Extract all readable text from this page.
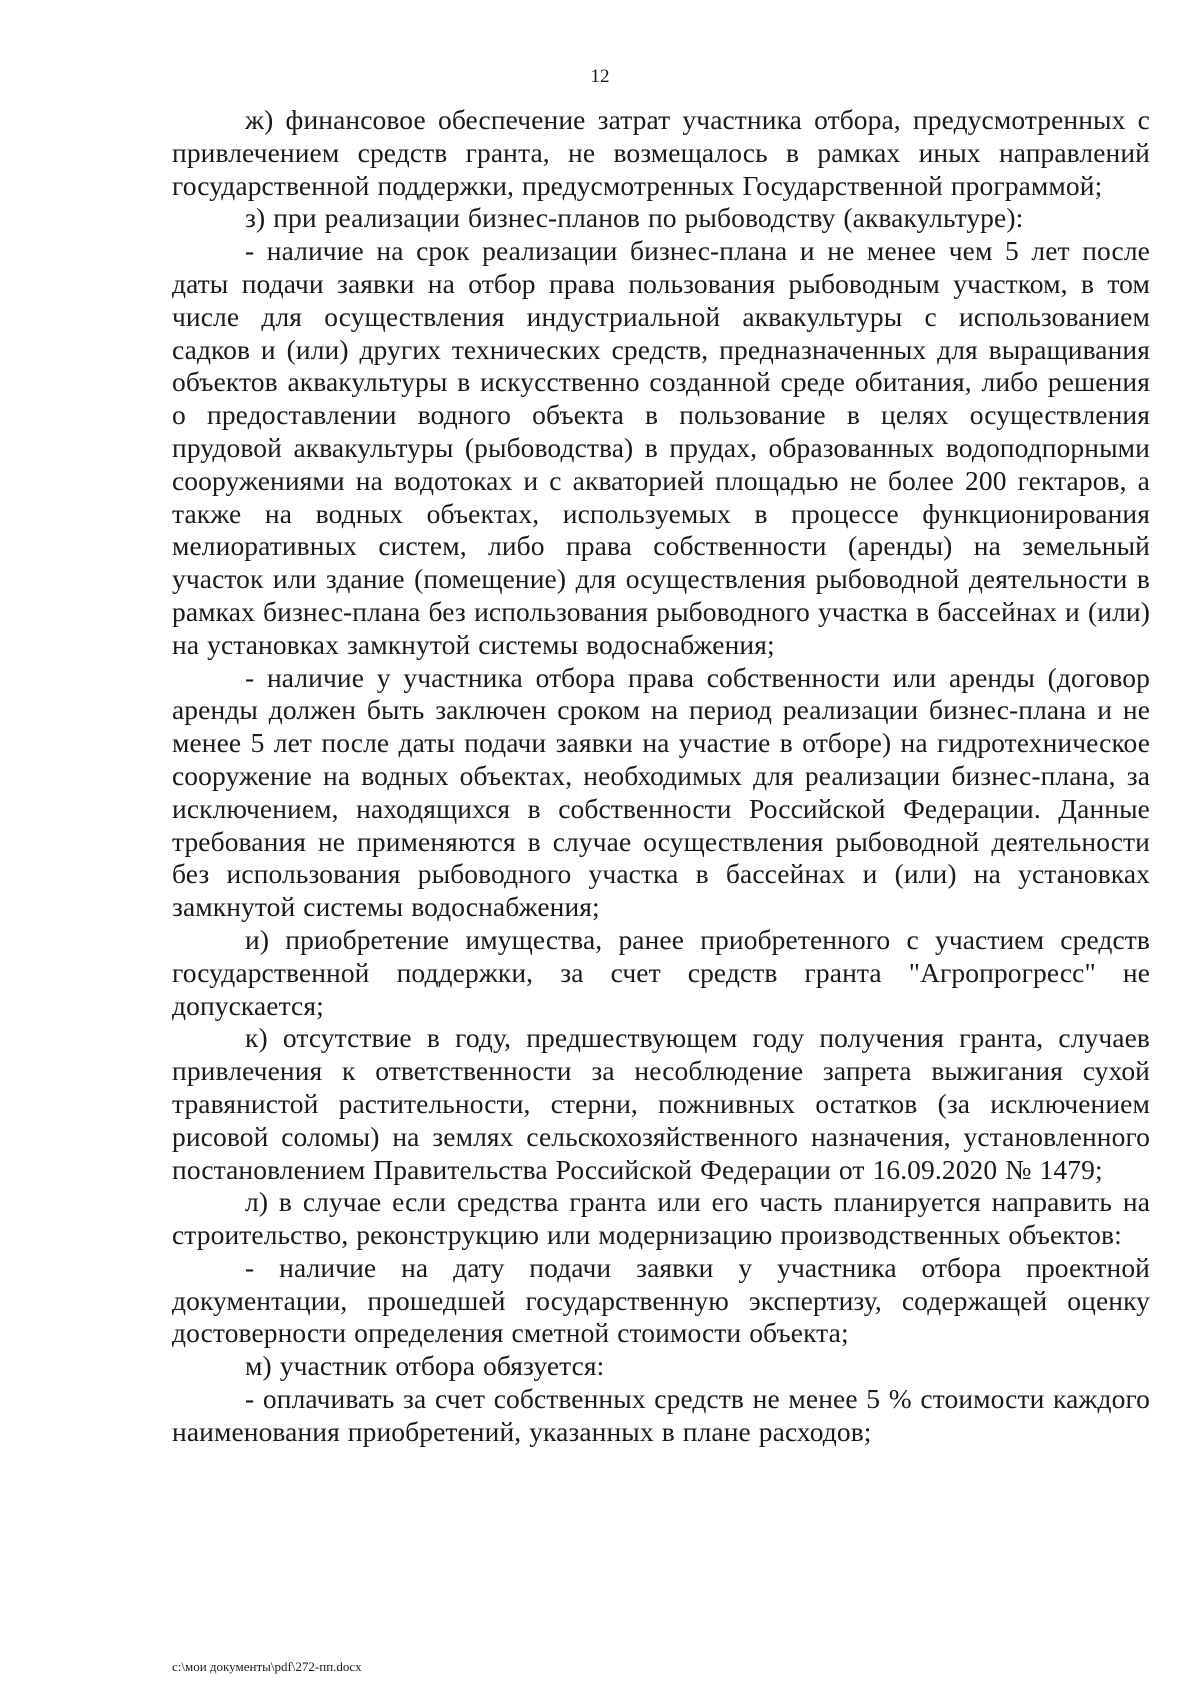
12

ж) финансовое обеспечение затрат участника отбора, предусмотренных с привлечением средств гранта, не возмещалось в рамках иных направлений государственной поддержки, предусмотренных Государственной программой;

з) при реализации бизнес-планов по рыбоводству (аквакультуре):

- наличие на срок реализации бизнес-плана и не менее чем 5 лет после даты подачи заявки на отбор права пользования рыбоводным участком, в том числе для осуществления индустриальной аквакультуры с использованием садков и (или) других технических средств, предназначенных для выращивания объектов аквакультуры в искусственно созданной среде обитания, либо решения о предоставлении водного объекта в пользование в целях осуществления прудовой аквакультуры (рыбоводства) в прудах, образованных водоподпорными сооружениями на водотоках и с акваторией площадью не более 200 гектаров, а также на водных объектах, используемых в процессе функционирования мелиоративных систем, либо права собственности (аренды) на земельный участок или здание (помещение) для осуществления рыбоводной деятельности в рамках бизнес-плана без использования рыбоводного участка в бассейнах и (или) на установках замкнутой системы водоснабжения;

- наличие у участника отбора права собственности или аренды (договор аренды должен быть заключен сроком на период реализации бизнес-плана и не менее 5 лет после даты подачи заявки на участие в отборе) на гидротехническое сооружение на водных объектах, необходимых для реализации бизнес-плана, за исключением, находящихся в собственности Российской Федерации. Данные требования не применяются в случае осуществления рыбоводной деятельности без использования рыбоводного участка в бассейнах и (или) на установках замкнутой системы водоснабжения;

и) приобретение имущества, ранее приобретенного с участием средств государственной поддержки, за счет средств гранта "Агропрогресс" не допускается;

к) отсутствие в году, предшествующем году получения гранта, случаев привлечения к ответственности за несоблюдение запрета выжигания сухой травянистой растительности, стерни, пожнивных остатков (за исключением рисовой соломы) на землях сельскохозяйственного назначения, установленного постановлением Правительства Российской Федерации от 16.09.2020 № 1479;

л) в случае если средства гранта или его часть планируется направить на строительство, реконструкцию или модернизацию производственных объектов:

- наличие на дату подачи заявки у участника отбора проектной документации, прошедшей государственную экспертизу, содержащей оценку достоверности определения сметной стоимости объекта;

м) участник отбора обязуется:

- оплачивать за счет собственных средств не менее 5 % стоимости каждого наименования приобретений, указанных в плане расходов;

c:\мои документы\pdf\272-пп.docx
